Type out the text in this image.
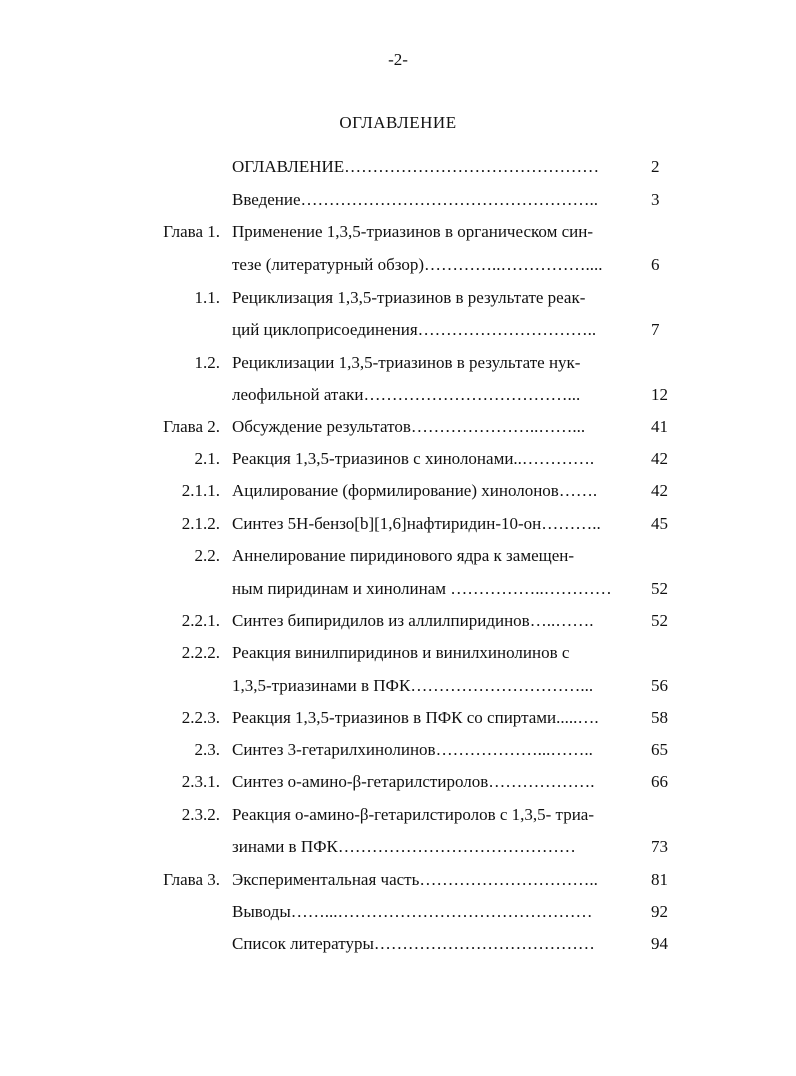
-2-
ОГЛАВЛЕНИЕ
ОГЛАВЛЕНИЕ………………………………………	2
Введение……………………………………………..	3
Глава 1. Применение 1,3,5-триазинов в органическом син-
тезе (литературный обзор)…………..……………....	6
1.1. Рециклизация 1,3,5-триазинов в результате реак-
ций циклоприсоединения…………………………..	7
1.2. Рециклизации 1,3,5-триазинов в результате нук-
леофильной атаки………………………………...	12
Глава 2. Обсуждение результатов…………………..……...	41
2.1. Реакция 1,3,5-триазинов с хинолонами..………….	42
2.1.1. Ацилирование (формилирование) хинолонов…….	42
2.1.2. Синтез 5H-бензо[b][1,6]нафтиридин-10-он………..	45
2.2. Аннелирование пиридинового ядра к замещен-
ным пиридинам и хинолинам ……………..………… 52
2.2.1. Синтез бипиридилов из аллилпиридинов…..…….	52
2.2.2. Реакция винилпиридинов и винилхинолинов с
1,3,5-триазинами в ПФК…………………………...	56
2.2.3. Реакция 1,3,5-триазинов в ПФК со спиртами.....….	58
2.3. Синтез 3-гетарилхинолинов………………...……..	65
2.3.1. Синтез о-амино-β-гетарилстиролов……………….	66
2.3.2. Реакция о-амино-β-гетарилстиролов с 1,3,5- триа-
зинами в ПФК……………………………………	73
Глава 3. Экспериментальная часть…………………………..	81
Выводы……...………………………………………	92
Список литературы…………………………………	94
